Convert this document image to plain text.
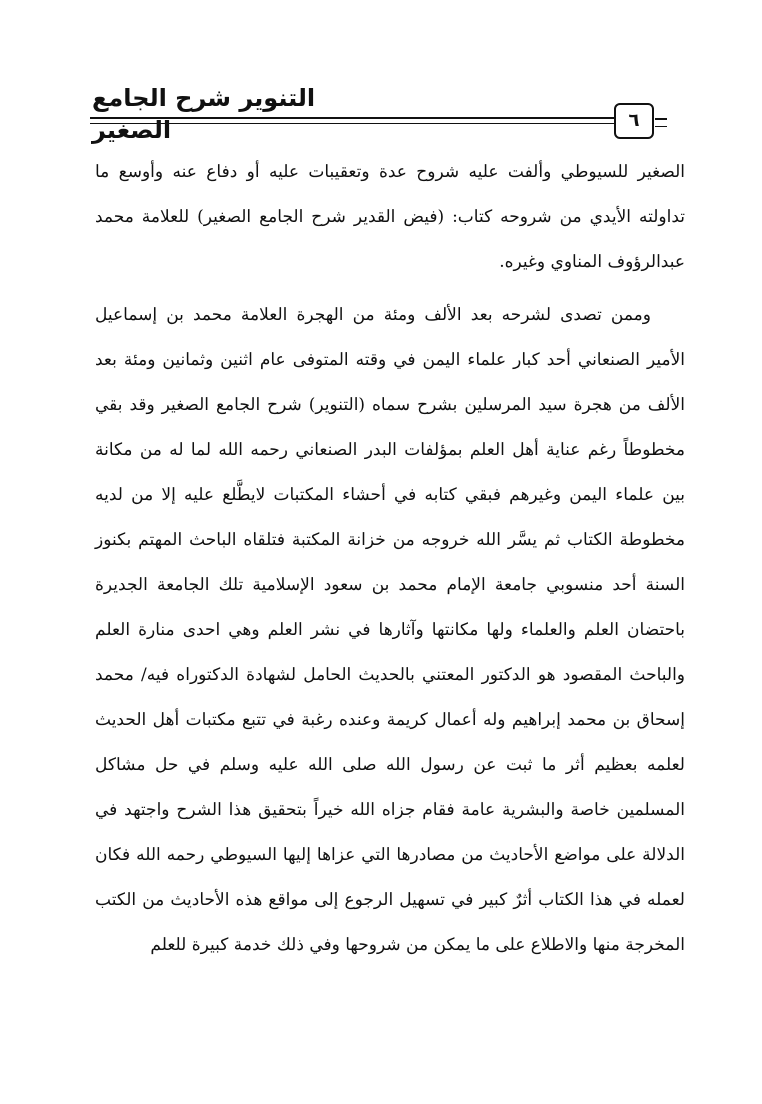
التنوير شرح الجامع الصغير	٦

الصغير للسيوطي وألفت عليه شروح عدة وتعقيبات عليه أو دفاع عنه وأوسع ما تداولته الأيدي من شروحه كتاب: (فيض القدير شرح الجامع الصغير) للعلامة محمد عبدالرؤوف المناوي وغيره.

وممن تصدى لشرحه بعد الألف ومئة من الهجرة العلامة محمد بن إسماعيل الأمير الصنعاني أحد كبار علماء اليمن في وقته المتوفى عام اثنين وثمانين ومئة بعد الألف من هجرة سيد المرسلين بشرح سماه (التنوير) شرح الجامع الصغير وقد بقي مخطوطاً رغم عناية أهل العلم بمؤلفات البدر الصنعاني رحمه الله لما له من مكانة بين علماء اليمن وغيرهم فبقي كتابه في أحشاء المكتبات لايطَّلع عليه إلا من لديه مخطوطة الكتاب ثم يسَّر الله خروجه من خزانة المكتبة فتلقاه الباحث المهتم بكنوز السنة أحد منسوبي جامعة الإمام محمد بن سعود الإسلامية تلك الجامعة الجديرة باحتضان العلم والعلماء ولها مكانتها وآثارها في نشر العلم وهي احدى منارة العلم والباحث المقصود هو الدكتور المعتني بالحديث الحامل لشهادة الدكتوراه فيه/ محمد إسحاق بن محمد إبراهيم وله أعمال كريمة وعنده رغبة في تتبع مكتبات أهل الحديث لعلمه بعظيم أثر ما ثبت عن رسول الله صلى الله عليه وسلم في حل مشاكل المسلمين خاصة والبشرية عامة فقام جزاه الله خيراً بتحقيق هذا الشرح واجتهد في الدلالة على مواضع الأحاديث من مصادرها التي عزاها إليها السيوطي رحمه الله فكان لعمله في هذا الكتاب أثرٌ كبير في تسهيل الرجوع إلى مواقع هذه الأحاديث من الكتب المخرجة منها والاطلاع على ما يمكن من شروحها وفي ذلك خدمة كبيرة للعلم
